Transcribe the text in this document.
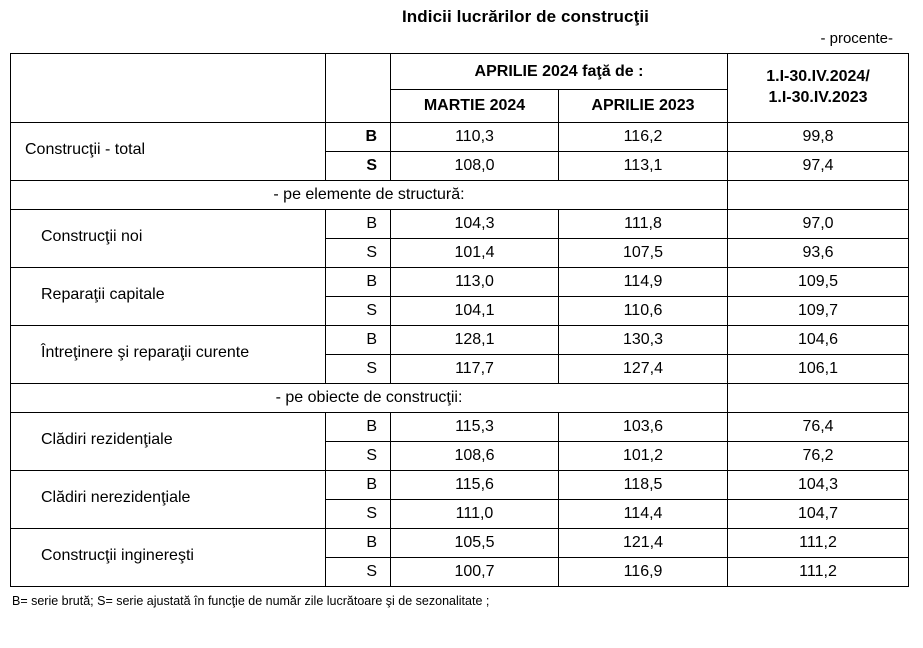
Indicii lucrărilor de construcţii
- procente-
		APRILIE 2024 faţă de :		1.I-30.IV.2024/
1.I-30.IV.2023

		MARTIE 2024	APRILIE 2023	
Construcţii - total	B	110,3	116,2	99,8
	S	108,0	113,1	97,4
- pe elemente de structură:				
Construcţii noi	B	104,3	111,8	97,0
	S	101,4	107,5	93,6
Reparaţii capitale	B	113,0	114,9	109,5
	S	104,1	110,6	109,7
Întreţinere şi reparaţii curente	B	128,1	130,3	104,6
	S	117,7	127,4	106,1
- pe obiecte de construcţii:				
Clădiri rezidenţiale	B	115,3	103,6	76,4
	S	108,6	101,2	76,2
Clădiri nerezidenţiale	B	115,6	118,5	104,3
	S	111,0	114,4	104,7
Construcţii inginereşti	B	105,5	121,4	111,2
	S	100,7	116,9	111,2
B= serie brută; S= serie ajustată în funcţie de număr zile lucrătoare şi de sezonalitate ;
